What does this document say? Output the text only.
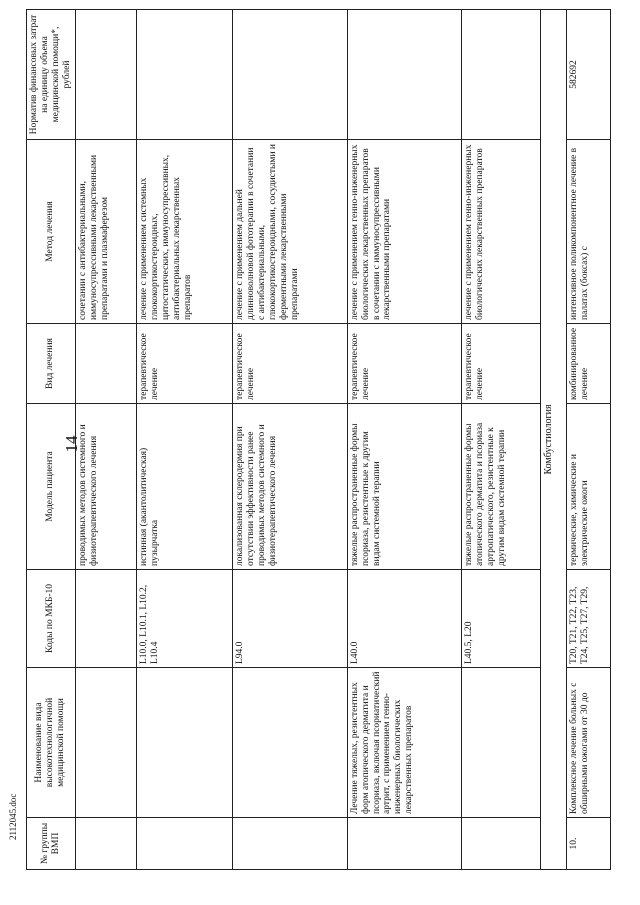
14
2112045.doc
№ группы ВМП	Наименование вида высокотехнологичной медицинской помощи	Коды по МКБ-10	Модель пациента	Вид лечения	Метод лечения	Норматив финансовых затрат на единицу объема медицинской помощи*, рублей
			проводимых методов системного и физиотерапевтического лечения		сочетании с антибактериальными, иммуносупрессивными лекарственными препаратами и плазмаферезом	
		L10.0, L10.1, L10.2, L10.4	истинная (акантолитическая) пузырчатка	терапевтическое лечение	лечение с применением системных глюкокортикостероидных, цитостатических, иммуносупрессивных, антибактериальных лекарственных препаратов	
		L94.0	локализованная склеродермия при отсутствии эффективности ранее проводимых методов системного и физиотерапевтического лечения	терапевтическое лечение	лечение с применением дальней длинноволновой фототерапии в сочетании с антибактериальными, глюкокортикостероидными, сосудистыми и ферментными лекарственными препаратами	
	Лечение тяжелых, резистентных форм атопического дерматита и псориаза, включая псориатический артрит, с применением генно-инженерных биологических лекарственных препаратов	L40.0	тяжелые распространенные формы псориаза, резистентные к другим видам системной терапии	терапевтическое лечение	лечение с применением генно-инженерных биологических лекарственных препаратов в сочетании с иммуносупрессивными лекарственными препаратами	
		L40.5, L20	тяжелые распространенные формы атопического дерматита и псориаза артропатического, резистентные к другим видам системной терапии	терапевтическое лечение	лечение с применением генно-инженерных биологических лекарственных препаратов	
Комбустиология						
10.	Комплексное лечение больных с обширными ожогами от 30 до	T20, T21, T22, T23, T24, T25, T27, T29,	термические, химические и электрические ожоги	комбинированное лечение	интенсивное поликомпонентное лечение в палатах (боксах) с	582692
